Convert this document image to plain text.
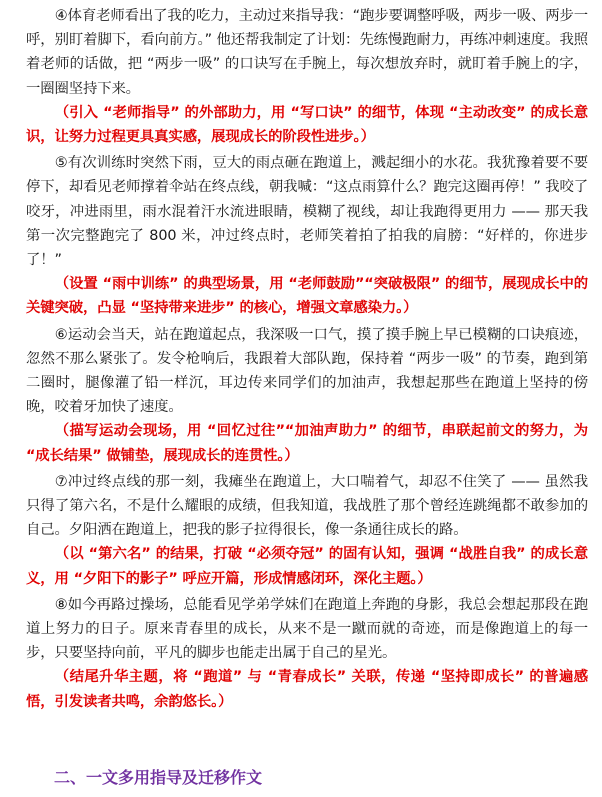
④体育老师看出了我的吃力，主动过来指导我：“跑步要调整呼吸，两步一吸、两步一呼，别盯着脚下，看向前方。” 他还帮我制定了计划：先练慢跑耐力，再练冲刺速度。我照着老师的话做，把 “两步一吸” 的口诀写在手腕上，每次想放弃时，就盯着手腕上的字，一圈圈坚持下来。

（引入 “老师指导” 的外部助力，用 “写口诀” 的细节，体现 “主动改变” 的成长意识，让努力过程更具真实感，展现成长的阶段性进步。）

⑤有次训练时突然下雨，豆大的雨点砸在跑道上，溅起细小的水花。我犹豫着要不要停下，却看见老师撑着伞站在终点线，朝我喊：“这点雨算什么？跑完这圈再停！” 我咬了咬牙，冲进雨里，雨水混着汗水流进眼睛，模糊了视线，却让我跑得更用力 —— 那天我第一次完整跑完了 800 米，冲过终点时，老师笑着拍了拍我的肩膀：“好样的，你进步了！”

（设置 “雨中训练” 的典型场景，用 “老师鼓励”“突破极限” 的细节，展现成长中的关键突破，凸显 “坚持带来进步” 的核心，增强文章感染力。）

⑥运动会当天，站在跑道起点，我深吸一口气，摸了摸手腕上早已模糊的口诀痕迹，忽然不那么紧张了。发令枪响后，我跟着大部队跑，保持着 “两步一吸” 的节奏，跑到第二圈时，腿像灌了铅一样沉，耳边传来同学们的加油声，我想起那些在跑道上坚持的傍晚，咬着牙加快了速度。

（描写运动会现场，用 “回忆过往”“加油声助力” 的细节，串联起前文的努力，为 “成长结果” 做铺垫，展现成长的连贯性。）

⑦冲过终点线的那一刻，我瘫坐在跑道上，大口喘着气，却忍不住笑了 —— 虽然我只得了第六名，不是什么耀眼的成绩，但我知道，我战胜了那个曾经连跳绳都不敢参加的自己。夕阳洒在跑道上，把我的影子拉得很长，像一条通往成长的路。

（以 “第六名” 的结果，打破 “必须夺冠” 的固有认知，强调 “战胜自我” 的成长意义，用 “夕阳下的影子” 呼应开篇，形成情感闭环，深化主题。）

⑧如今再路过操场，总能看见学弟学妹们在跑道上奔跑的身影，我总会想起那段在跑道上努力的日子。原来青春里的成长，从来不是一蹴而就的奇迹，而是像跑道上的每一步，只要坚持向前，平凡的脚步也能走出属于自己的星光。

（结尾升华主题，将 “跑道” 与 “青春成长” 关联，传递 “坚持即成长” 的普遍感悟，引发读者共鸣，余韵悠长。）

二、一文多用指导及迁移作文
